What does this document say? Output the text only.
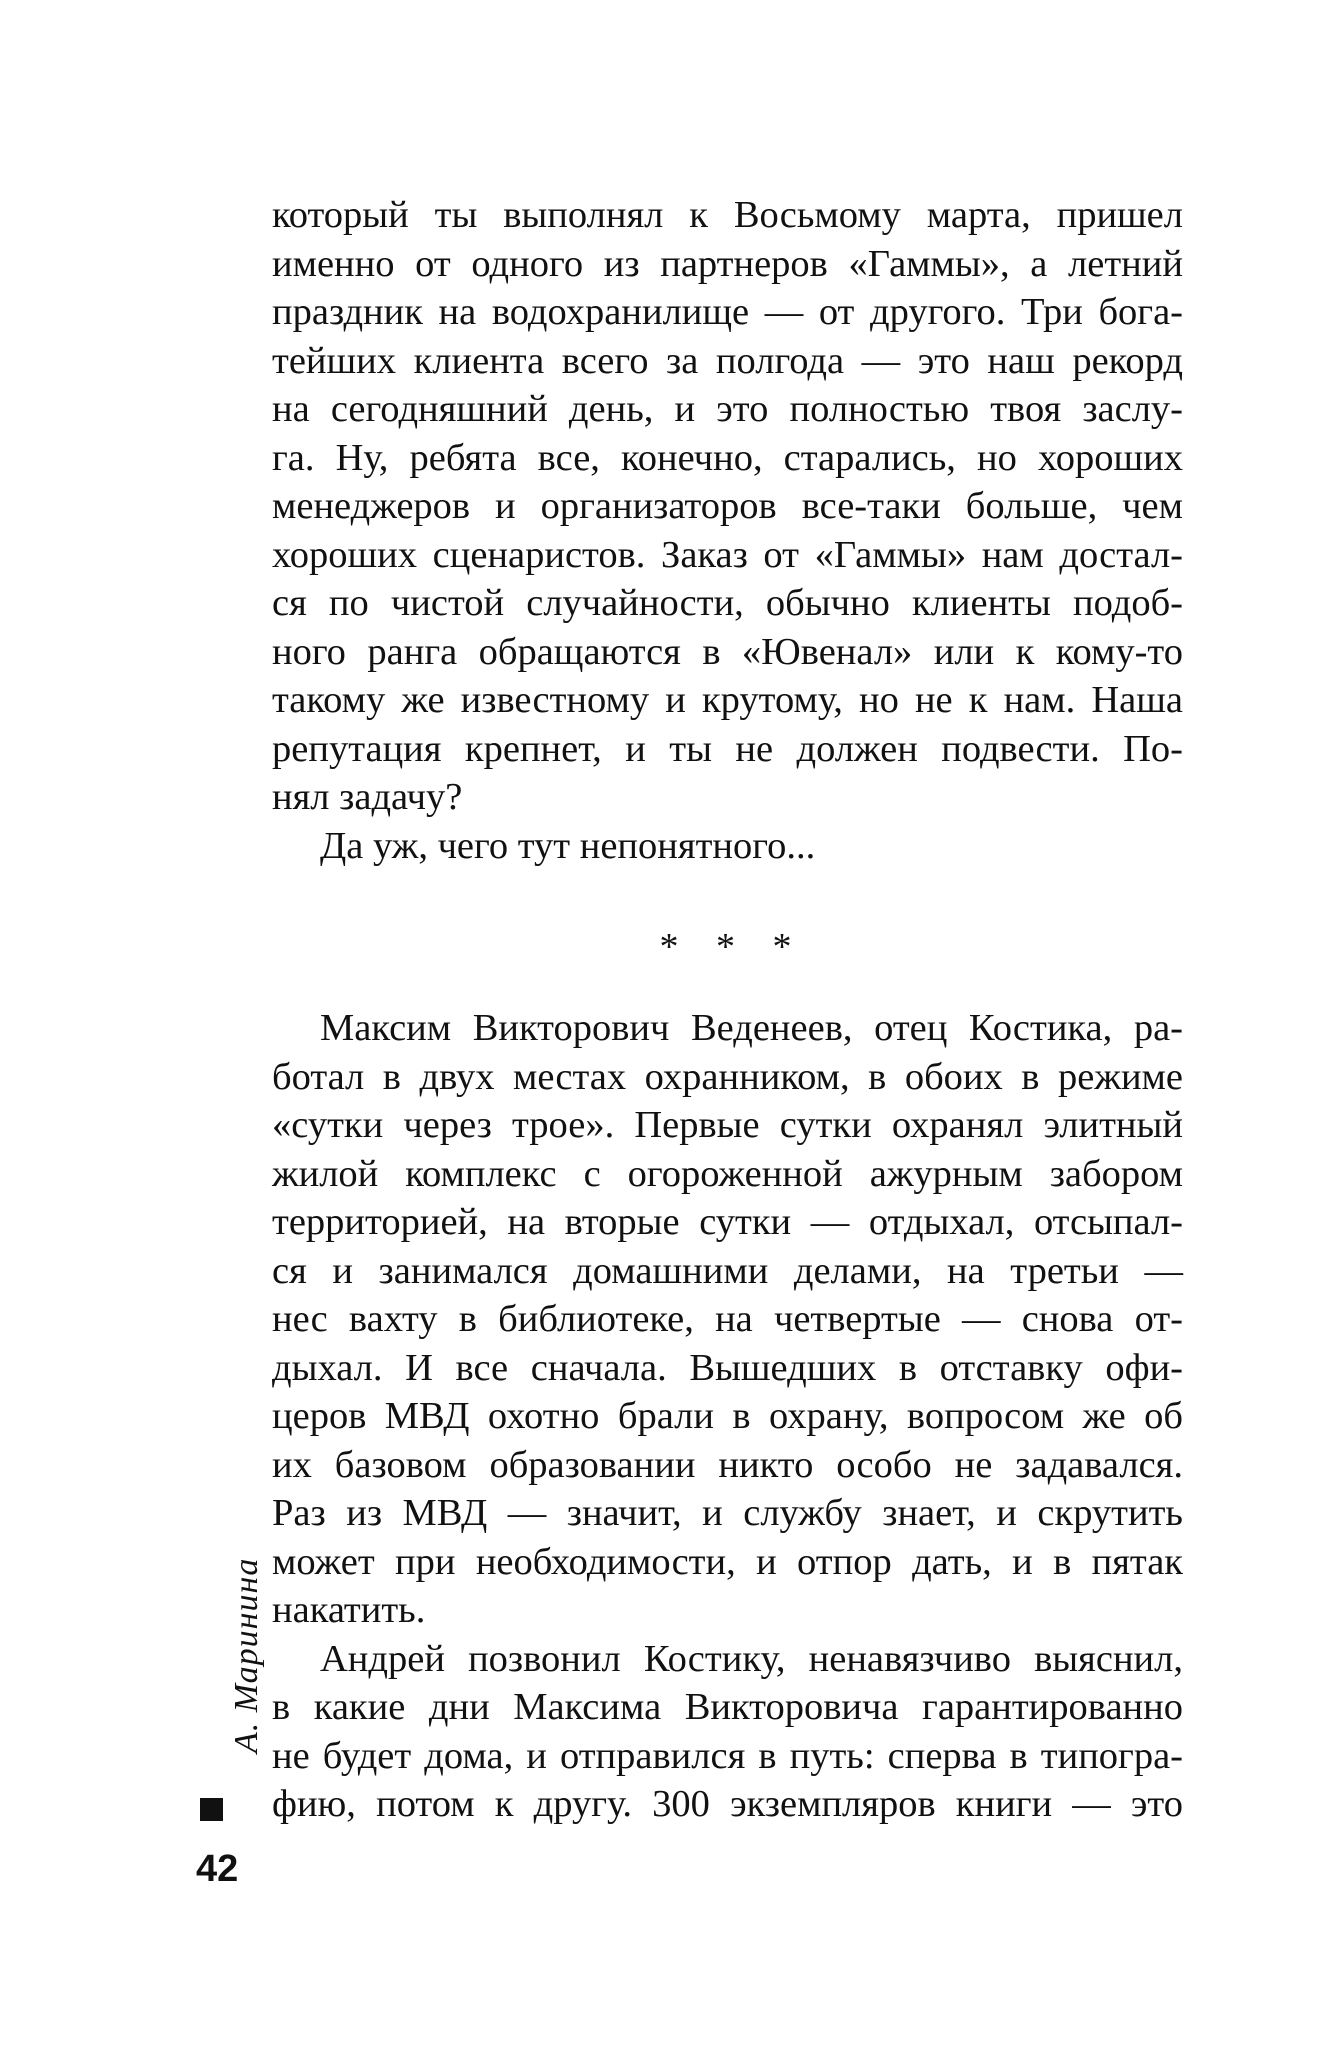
который ты выполнял к Восьмому марта, пришел
именно от одного из партнеров «Гаммы», а летний
праздник на водохранилище — от другого. Три бога-
тейших клиента всего за полгода — это наш рекорд
на сегодняшний день, и это полностью твоя заслу-
га. Ну, ребята все, конечно, старались, но хороших
менеджеров и организаторов все-таки больше, чем
хороших сценаристов. Заказ от «Гаммы» нам достал-
ся по чистой случайности, обычно клиенты подоб-
ного ранга обращаются в «Ювенал» или к кому-то
такому же известному и крутому, но не к нам. Наша
репутация крепнет, и ты не должен подвести. По-
нял задачу?
Да уж, чего тут непонятного...
* * *
Максим Викторович Веденеев, отец Костика, ра-
ботал в двух местах охранником, в обоих в режиме
«сутки через трое». Первые сутки охранял элитный
жилой комплекс с огороженной ажурным забором
территорией, на вторые сутки — отдыхал, отсыпал-
ся и занимался домашними делами, на третьи —
нес вахту в библиотеке, на четвертые — снова от-
дыхал. И все сначала. Вышедших в отставку офи-
церов МВД охотно брали в охрану, вопросом же об
их базовом образовании никто особо не задавался.
Раз из МВД — значит, и службу знает, и скрутить
может при необходимости, и отпор дать, и в пятак
накатить.
Андрей позвонил Костику, ненавязчиво выяснил,
в какие дни Максима Викторовича гарантированно
не будет дома, и отправился в путь: сперва в типогра-
фию, потом к другу. 300 экземпляров книги — это
А. Маринина
42
